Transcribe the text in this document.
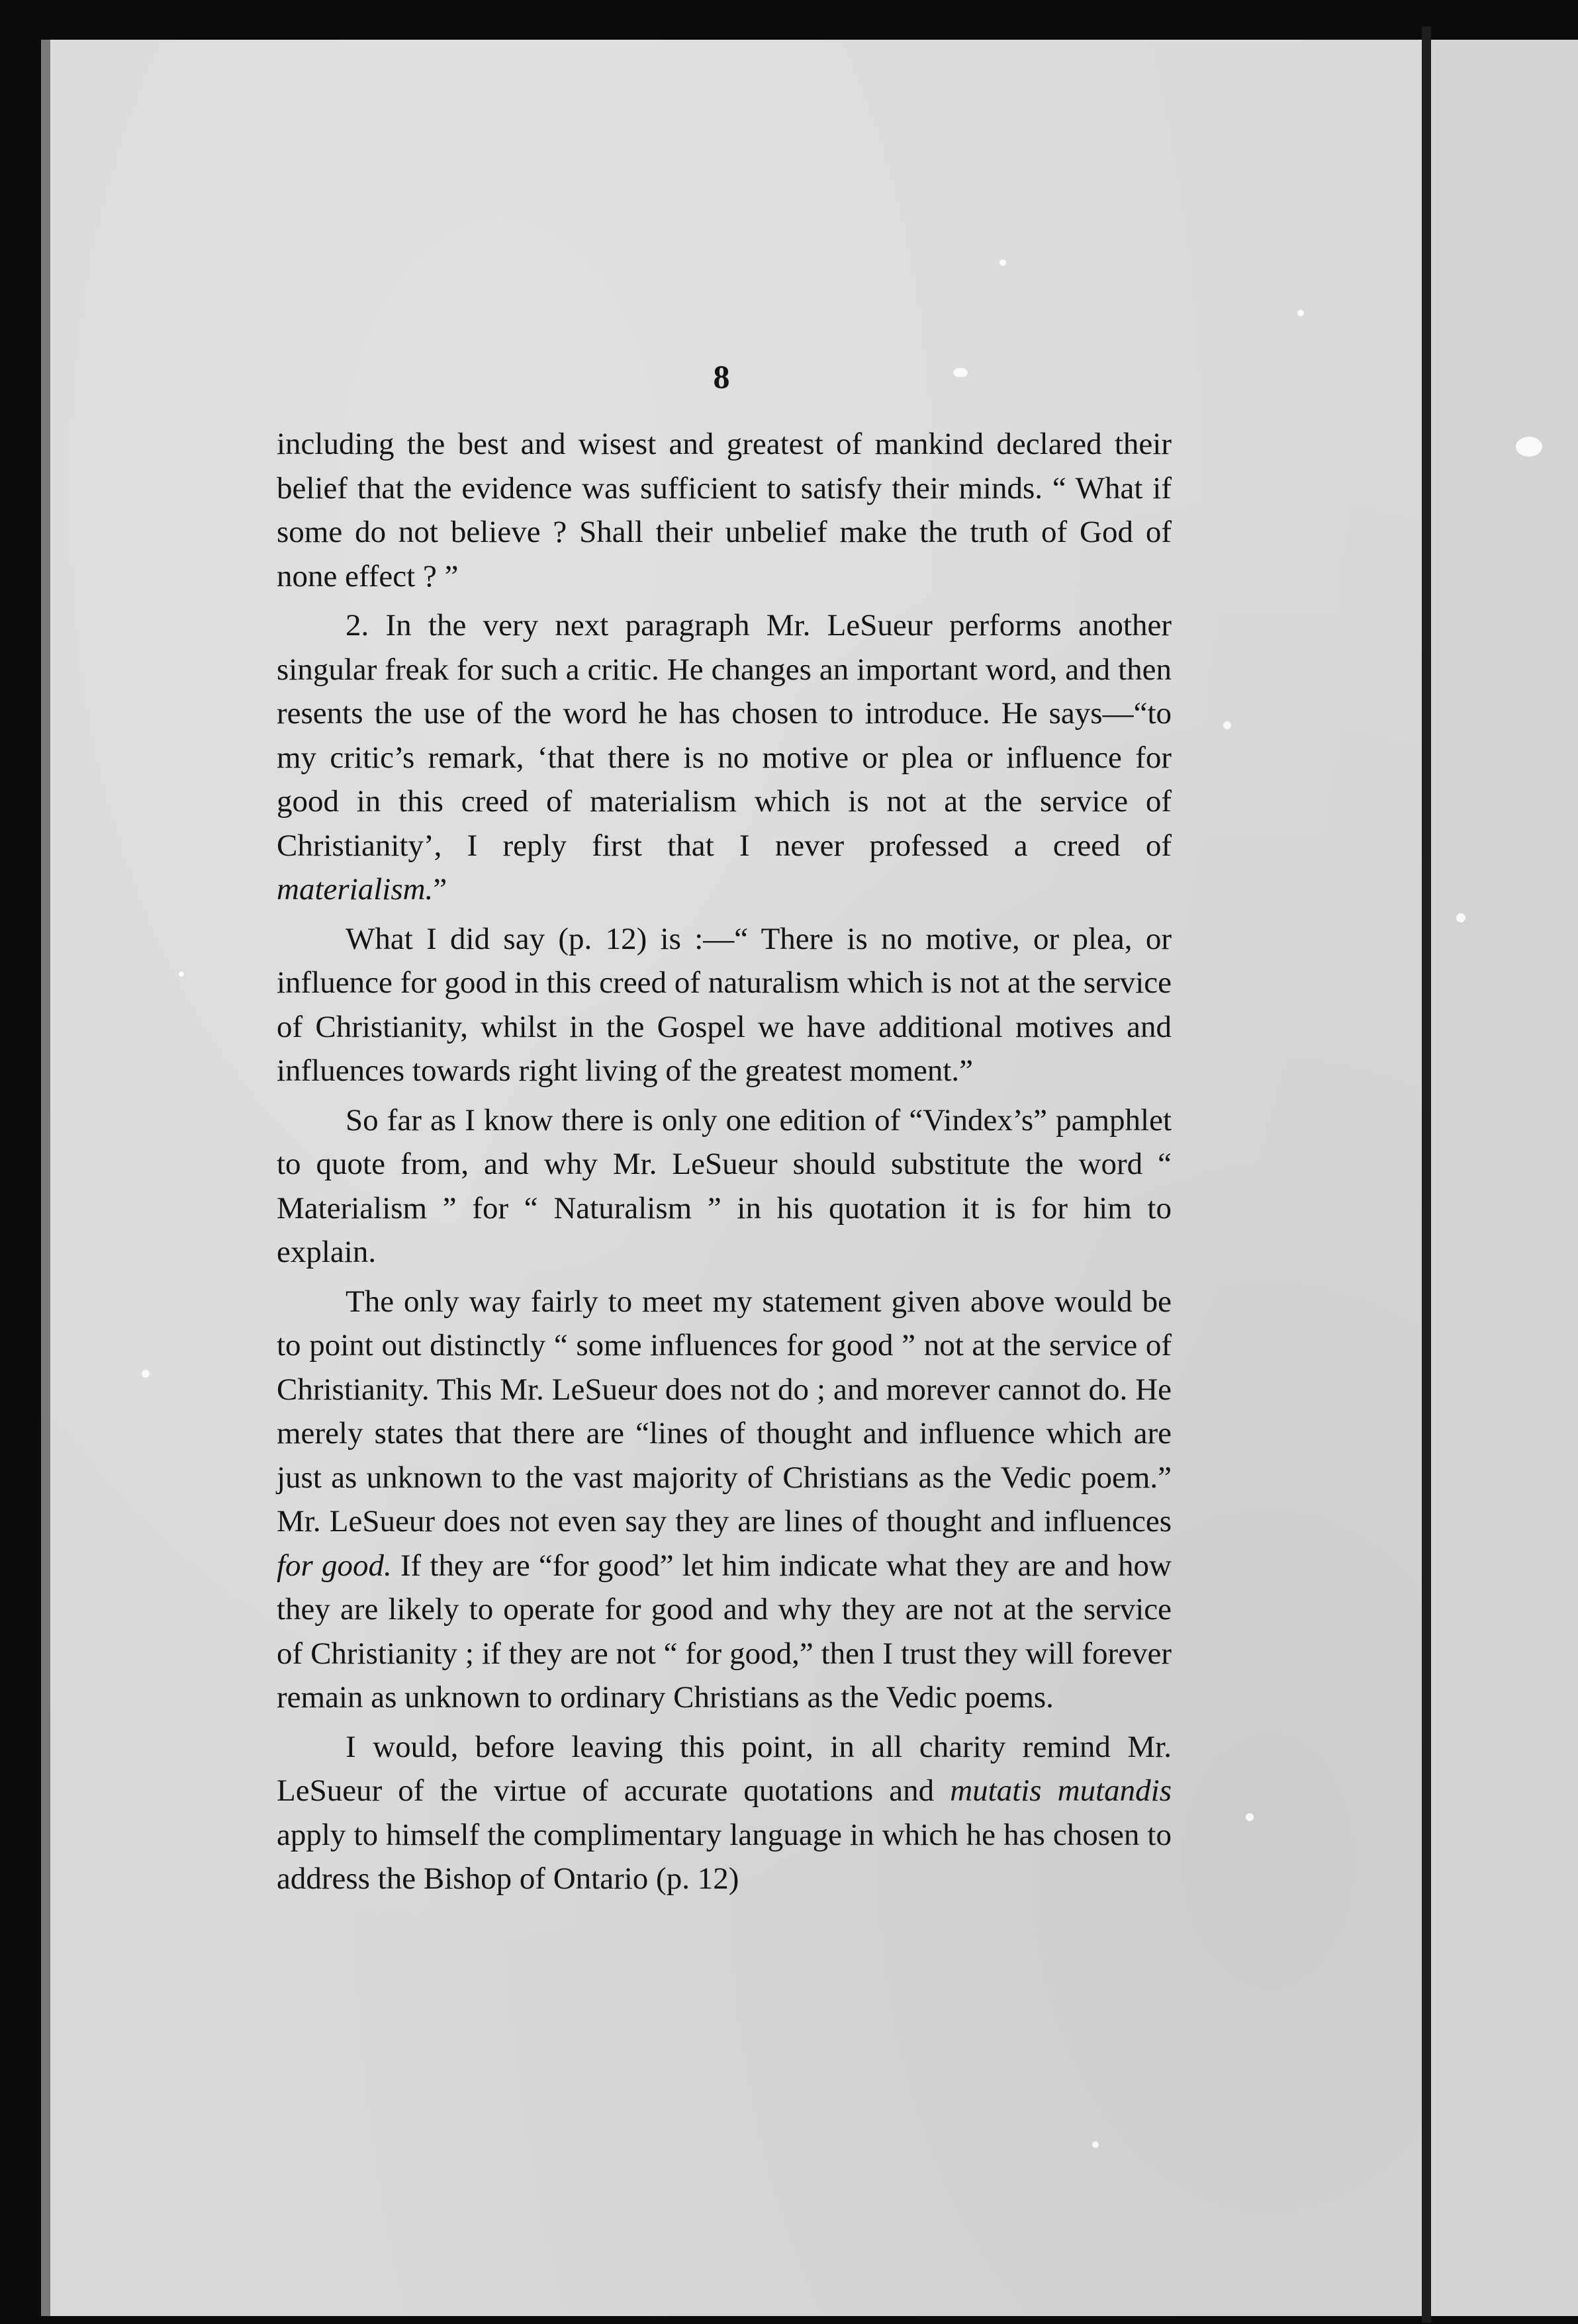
8

including the best and wisest and greatest of mankind declared their belief that the evidence was sufficient to satisfy their minds. “ What if some do not believe ? Shall their unbelief make the truth of God of none effect ? ”

2. In the very next paragraph Mr. LeSueur performs another singular freak for such a critic. He changes an important word, and then resents the use of the word he has chosen to introduce. He says—“to my critic’s remark, ‘that there is no motive or plea or influence for good in this creed of materialism which is not at the service of Christianity’, I reply first that I never professed a creed of materialism.”

What I did say (p. 12) is :—“ There is no motive, or plea, or influence for good in this creed of naturalism which is not at the service of Christianity, whilst in the Gospel we have additional motives and influences towards right living of the greatest moment.”

So far as I know there is only one edition of “Vindex’s” pamphlet to quote from, and why Mr. LeSueur should substitute the word “ Materialism ” for “ Naturalism ” in his quotation it is for him to explain.

The only way fairly to meet my statement given above would be to point out distinctly “ some influences for good ” not at the service of Christianity. This Mr. LeSueur does not do ; and morever cannot do. He merely states that there are “lines of thought and influence which are just as unknown to the vast majority of Christians as the Vedic poem.” Mr. LeSueur does not even say they are lines of thought and influences for good. If they are “for good” let him indicate what they are and how they are likely to operate for good and why they are not at the service of Christianity ; if they are not “ for good,” then I trust they will forever remain as unknown to ordinary Christians as the Vedic poems.

I would, before leaving this point, in all charity remind Mr. LeSueur of the virtue of accurate quotations and mutatis mutandis apply to himself the complimentary language in which he has chosen to address the Bishop of Ontario (p. 12)
